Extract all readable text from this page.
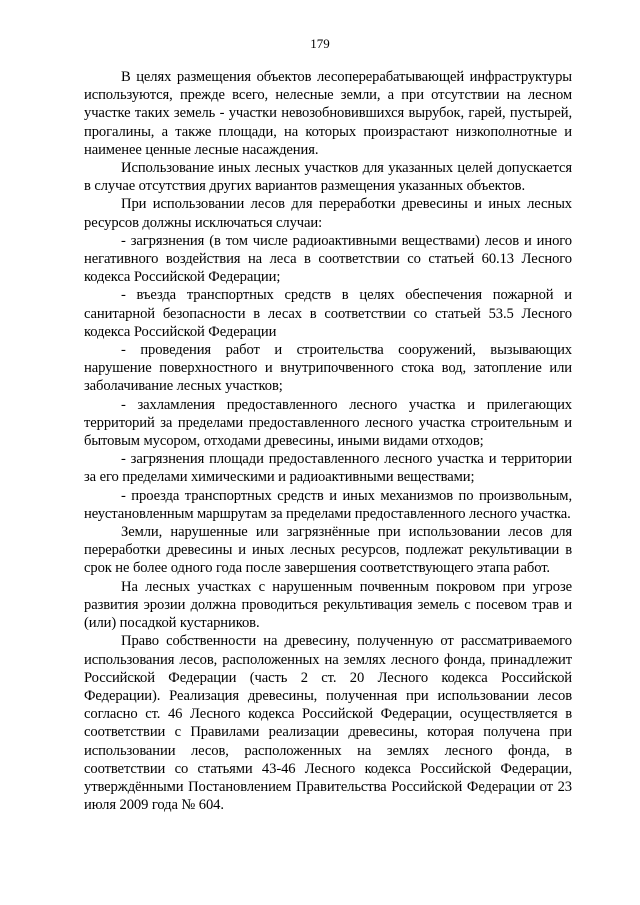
179

В целях размещения объектов лесоперерабатывающей инфраструктуры используются, прежде всего, нелесные земли, а при отсутствии на лесном участке таких земель - участки невозобновившихся вырубок, гарей, пустырей, прогалины, а также площади, на которых произрастают низкополнотные и наименее ценные лесные насаждения.

Использование иных лесных участков для указанных целей допускается в случае отсутствия других вариантов размещения указанных объектов.

При использовании лесов для переработки древесины и иных лесных ресурсов должны исключаться случаи:

- загрязнения (в том числе радиоактивными веществами) лесов и иного негативного воздействия на леса в соответствии со статьей 60.13 Лесного кодекса Российской Федерации;

- въезда транспортных средств в целях обеспечения пожарной и санитарной безопасности в лесах в соответствии со статьей 53.5 Лесного кодекса Российской Федерации

- проведения работ и строительства сооружений, вызывающих нарушение поверхностного и внутрипочвенного стока вод, затопление или заболачивание лесных участков;

- захламления предоставленного лесного участка и прилегающих территорий за пределами предоставленного лесного участка строительным и бытовым мусором, отходами древесины, иными видами отходов;

- загрязнения площади предоставленного лесного участка и территории за его пределами химическими и радиоактивными веществами;

- проезда транспортных средств и иных механизмов по произвольным, неустановленным маршрутам за пределами предоставленного лесного участка.

Земли, нарушенные или загрязнённые при использовании лесов для переработки древесины и иных лесных ресурсов, подлежат рекультивации в срок не более одного года после завершения соответствующего этапа работ.

На лесных участках с нарушенным почвенным покровом при угрозе развития эрозии должна проводиться рекультивация земель с посевом трав и (или) посадкой кустарников.

Право собственности на древесину, полученную от рассматриваемого использования лесов, расположенных на землях лесного фонда, принадлежит Российской Федерации (часть 2 ст. 20 Лесного кодекса Российской Федерации). Реализация древесины, полученная при использовании лесов согласно ст. 46 Лесного кодекса Российской Федерации, осуществляется в соответствии с Правилами реализации древесины, которая получена при использовании лесов, расположенных на землях лесного фонда, в соответствии со статьями 43-46 Лесного кодекса Российской Федерации, утверждёнными Постановлением Правительства Российской Федерации от 23 июля 2009 года № 604.
